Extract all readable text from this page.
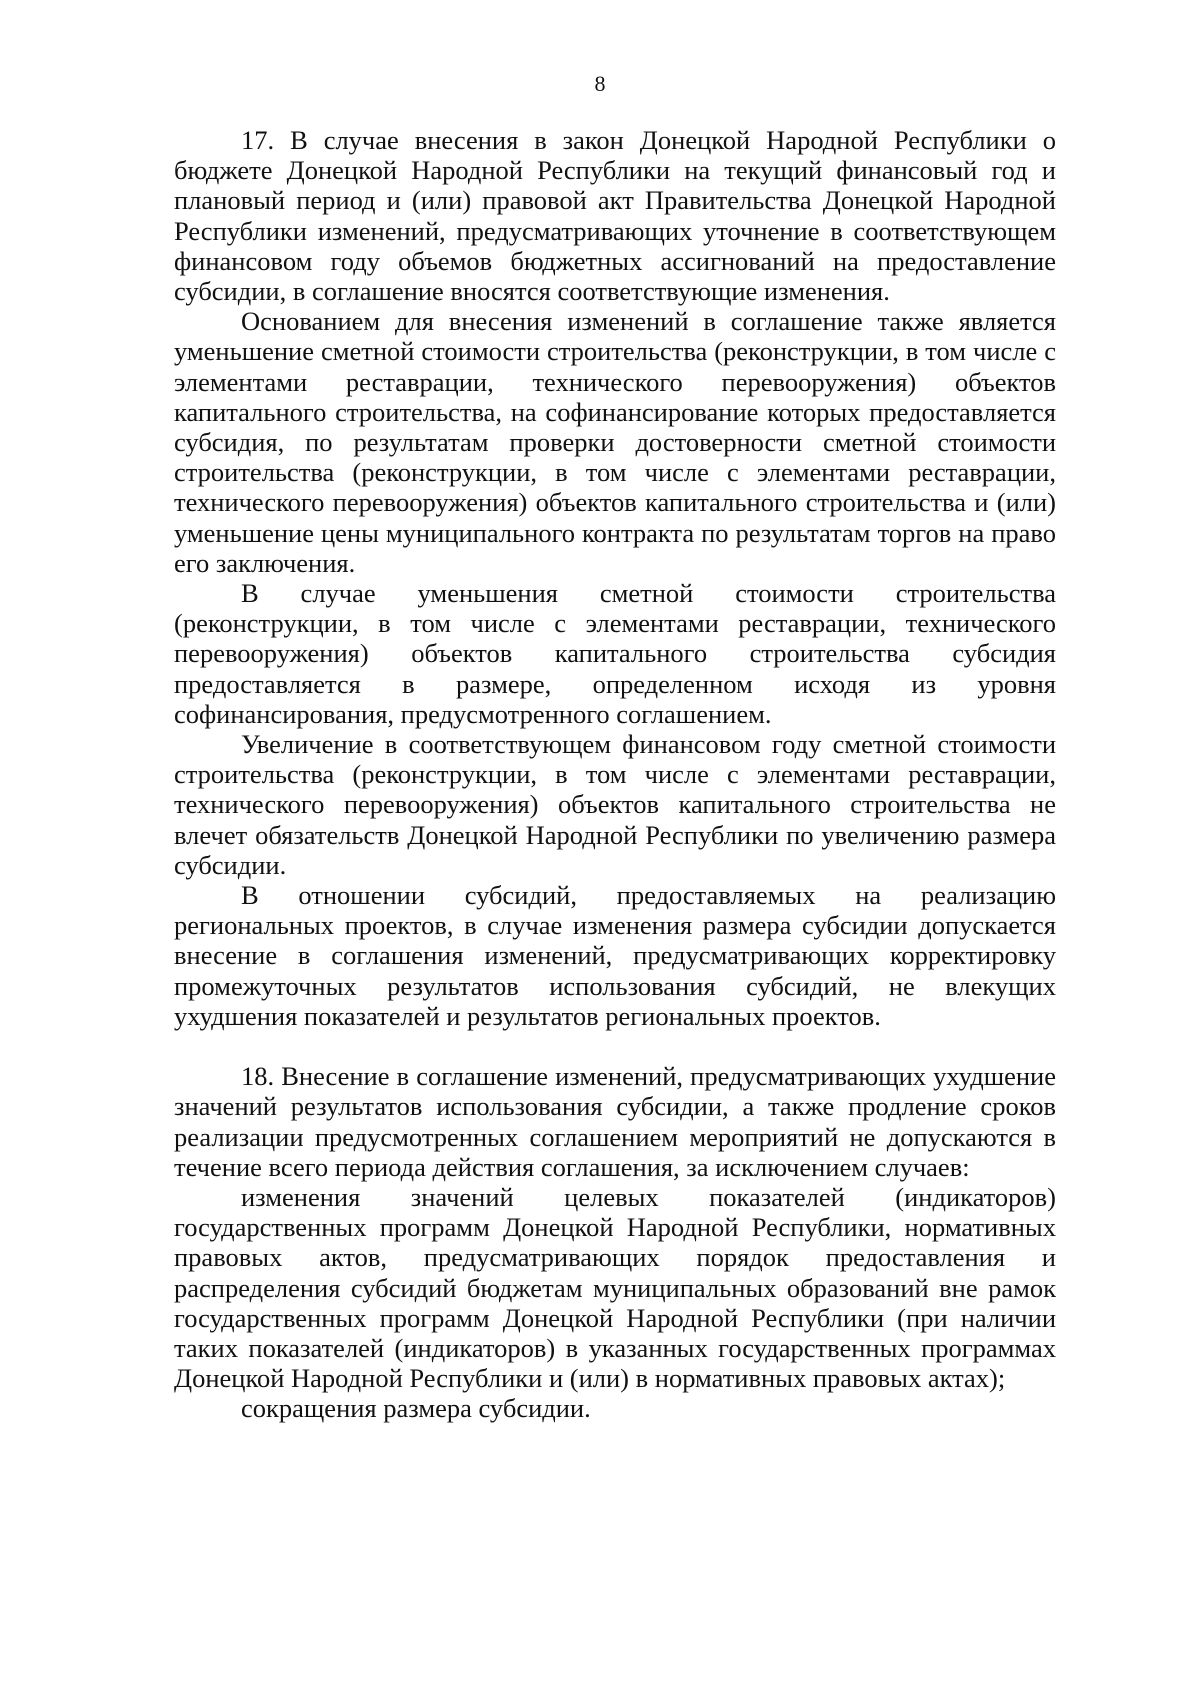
8

17. В случае внесения в закон Донецкой Народной Республики о бюджете Донецкой Народной Республики на текущий финансовый год и плановый период и (или) правовой акт Правительства Донецкой Народной Республики изменений, предусматривающих уточнение в соответствующем финансовом году объемов бюджетных ассигнований на предоставление субсидии, в соглашение вносятся соответствующие изменения.

Основанием для внесения изменений в соглашение также является уменьшение сметной стоимости строительства (реконструкции, в том числе с элементами реставрации, технического перевооружения) объектов капитального строительства, на софинансирование которых предоставляется субсидия, по результатам проверки достоверности сметной стоимости строительства (реконструкции, в том числе с элементами реставрации, технического перевооружения) объектов капитального строительства и (или) уменьшение цены муниципального контракта по результатам торгов на право его заключения.

В случае уменьшения сметной стоимости строительства (реконструкции, в том числе с элементами реставрации, технического перевооружения) объектов капитального строительства субсидия предоставляется в размере, определенном исходя из уровня софинансирования, предусмотренного соглашением.

Увеличение в соответствующем финансовом году сметной стоимости строительства (реконструкции, в том числе с элементами реставрации, технического перевооружения) объектов капитального строительства не влечет обязательств Донецкой Народной Республики по увеличению размера субсидии.

В отношении субсидий, предоставляемых на реализацию региональных проектов, в случае изменения размера субсидии допускается внесение в соглашения изменений, предусматривающих корректировку промежуточных результатов использования субсидий, не влекущих ухудшения показателей и результатов региональных проектов.

18. Внесение в соглашение изменений, предусматривающих ухудшение значений результатов использования субсидии, а также продление сроков реализации предусмотренных соглашением мероприятий не допускаются в течение всего периода действия соглашения, за исключением случаев:

изменения значений целевых показателей (индикаторов) государственных программ Донецкой Народной Республики, нормативных правовых актов, предусматривающих порядок предоставления и распределения субсидий бюджетам муниципальных образований вне рамок государственных программ Донецкой Народной Республики (при наличии таких показателей (индикаторов) в указанных государственных программах Донецкой Народной Республики и (или) в нормативных правовых актах);

сокращения размера субсидии.
